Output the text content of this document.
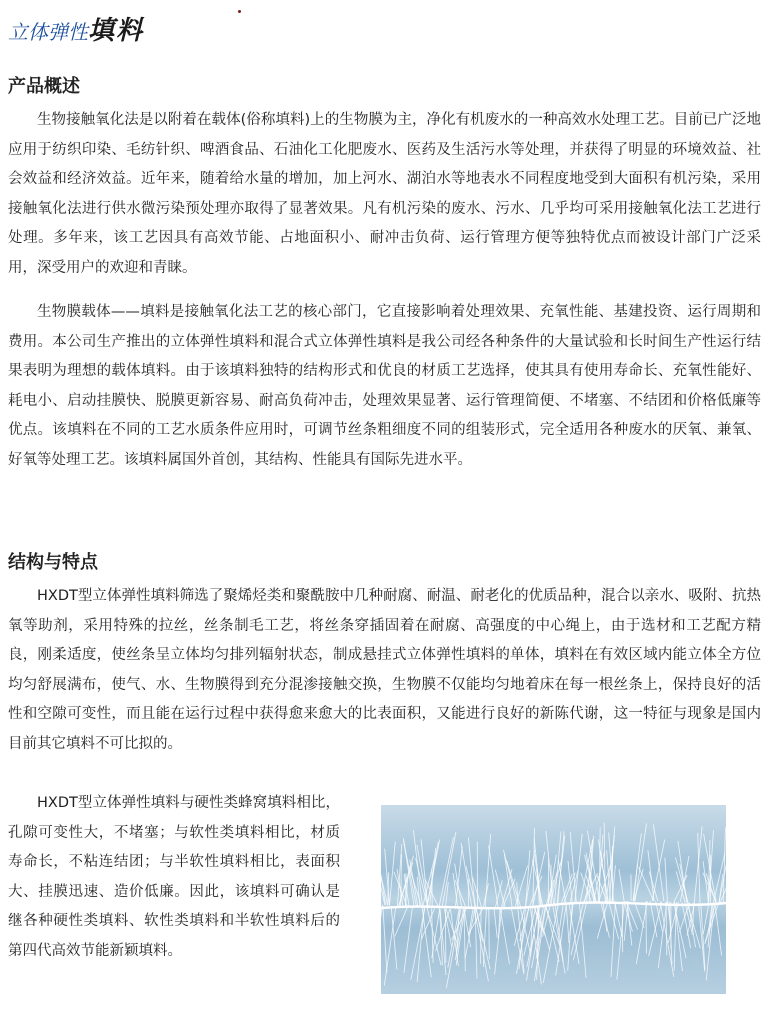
立体弹性填料
产品概述

生物接触氧化法是以附着在载体(俗称填料)上的生物膜为主，净化有机废水的一种高效水处理工艺。目前已广泛地应用于纺织印染、毛纺针织、啤酒食品、石油化工化肥废水、医药及生活污水等处理，并获得了明显的环境效益、社会效益和经济效益。近年来，随着给水量的增加，加上河水、湖泊水等地表水不同程度地受到大面积有机污染，采用接触氧化法进行供水微污染预处理亦取得了显著效果。凡有机污染的废水、污水、几乎均可采用接触氧化法工艺进行处理。多年来，该工艺因具有高效节能、占地面积小、耐冲击负荷、运行管理方便等独特优点而被设计部门广泛采用，深受用户的欢迎和青睐。

生物膜载体——填料是接触氧化法工艺的核心部门，它直接影响着处理效果、充氧性能、基建投资、运行周期和费用。本公司生产推出的立体弹性填料和混合式立体弹性填料是我公司经各种条件的大量试验和长时间生产性运行结果表明为理想的载体填料。由于该填料独特的结构形式和优良的材质工艺选择，使其具有使用寿命长、充氧性能好、耗电小、启动挂膜快、脱膜更新容易、耐高负荷冲击，处理效果显著、运行管理简便、不堵塞、不结团和价格低廉等优点。该填料在不同的工艺水质条件应用时，可调节丝条粗细度不同的组装形式，完全适用各种废水的厌氧、兼氧、好氧等处理工艺。该填料属国外首创，其结构、性能具有国际先进水平。

结构与特点

HXDT型立体弹性填料筛选了聚烯烃类和聚酰胺中几种耐腐、耐温、耐老化的优质品种，混合以亲水、吸附、抗热氧等助剂，采用特殊的拉丝，丝条制毛工艺，将丝条穿插固着在耐腐、高强度的中心绳上，由于选材和工艺配方精良，刚柔适度，使丝条呈立体均匀排列辐射状态，制成悬挂式立体弹性填料的单体，填料在有效区域内能立体全方位均匀舒展满布，使气、水、生物膜得到充分混渗接触交换，生物膜不仅能均匀地着床在每一根丝条上，保持良好的活性和空隙可变性，而且能在运行过程中获得愈来愈大的比表面积，又能进行良好的新陈代谢，这一特征与现象是国内目前其它填料不可比拟的。

HXDT型立体弹性填料与硬性类蜂窝填料相比，孔隙可变性大，不堵塞；与软性类填料相比，材质寿命长，不粘连结团；与半软性填料相比，表面积大、挂膜迅速、造价低廉。因此，该填料可确认是继各种硬性类填料、软性类填料和半软性填料后的第四代高效节能新颖填料。
